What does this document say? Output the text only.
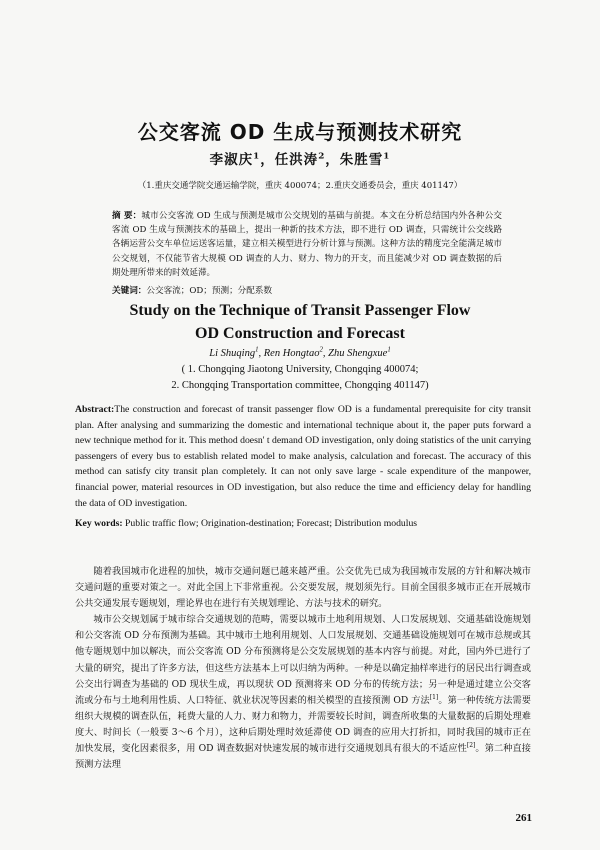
公交客流 OD 生成与预测技术研究
李淑庆$^1$，任洪涛$^2$，朱胜雪$^1$
（1.重庆交通学院交通运输学院，重庆 400074；2.重庆交通委员会，重庆 401147）
摘 要：城市公交客流 OD 生成与预测是城市公交规划的基础与前提。本文在分析总结国内外各种公交客流 OD 生成与预测技术的基础上，提出一种新的技术方法，即不进行 OD 调查，只需统计公交线路各辆运营公交车单位运送客运量，建立相关模型进行分析计算与预测。这种方法的精度完全能满足城市公交规划，不仅能节省大规模 OD 调查的人力、财力、物力的开支，而且能减少对 OD 调查数据的后期处理所带来的时效延滞。
关键词：公交客流；OD；预测；分配系数
Study on the Technique of Transit Passenger Flow
OD Construction and Forecast
Li Shuqing$^1$, Ren Hongtao$^2$, Zhu Shengxue$^1$
( 1. Chongqing Jiaotong University, Chongqing 400074;
2. Chongqing Transportation committee, Chongqing 401147)
Abstract:The construction and forecast of transit passenger flow OD is a fundamental prerequisite for city transit plan. After analysing and summarizing the domestic and international technique about it, the paper puts forward a new technique method for it. This method doesn' t demand OD investigation, only doing statistics of the unit carrying passengers of every bus to establish related model to make analysis, calculation and forecast. The accuracy of this method can satisfy city transit plan completely. It can not only save large - scale expenditure of the manpower, financial power, material resources in OD investigation, but also reduce the time and efficiency delay for handling the data of OD investigation.
Key words: Public traffic flow; Origination-destination; Forecast; Distribution modulus

随着我国城市化进程的加快，城市交通问题已越来越严重。公交优先已成为我国城市发展的方针和解决城市交通问题的重要对策之一。对此全国上下非常重视。公交要发展，规划须先行。目前全国很多城市正在开展城市公共交通发展专题规划，理论界也在进行有关规划理论、方法与技术的研究。

城市公交规划属于城市综合交通规划的范畴，需要以城市土地利用规划、人口发展规划、交通基础设施规划和公交客流 OD 分布预测为基础。其中城市土地利用规划、人口发展规划、交通基础设施规划可在城市总规或其他专题规划中加以解决，而公交客流 OD 分布预测将是公交发展规划的基本内容与前提。对此，国内外已进行了大量的研究，提出了许多方法，但这些方法基本上可以归纳为两种。一种是以确定抽样率进行的居民出行调查或公交出行调查为基础的 OD 现状生成，再以现状 OD 预测将来 OD 分布的传统方法；另一种是通过建立公交客流或分布与土地利用性质、人口特征、就业状况等因素的相关模型的直接预测 OD 方法[1]。第一种传统方法需要组织大规模的调查队伍，耗费大量的人力、财力和物力，并需要较长时间，调查所收集的大量数据的后期处理难度大、时间长（一般要 3～6 个月），这种后期处理时效延滞使 OD 调查的应用大打折扣，同时我国的城市正在加快发展，变化因素很多，用 OD 调查数据对快速发展的城市进行交通规划具有很大的不适应性[2]。第二种直接预测方法理

261
